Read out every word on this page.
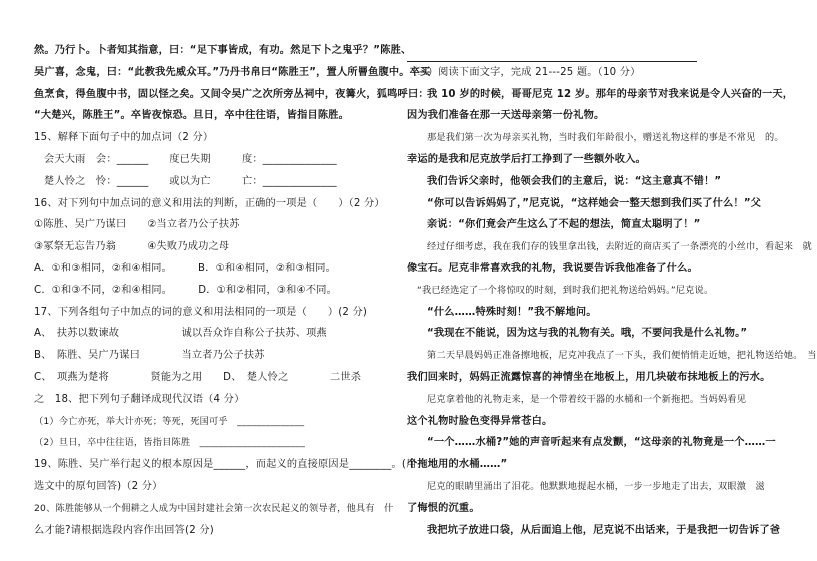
然。乃行卜。卜者知其指意，曰：“足下事皆成，有功。然足下卜之鬼乎？”陈胜、
吴广喜，念鬼，曰：“此教我先威众耳。”乃丹书帛曰“陈胜王”，置人所罾鱼腹中。卒买
鱼烹食，得鱼腹中书，固以怪之矣。又间令吴广之次所旁丛祠中，夜篝火，狐鸣呼曰：
“大楚兴，陈胜王”。卒皆夜惊恐。旦日，卒中往往语，皆指目陈胜。
15、解释下面句子中的加点词（2 分）
会天大雨　会：______　　度已失期　　　度：______________
楚人怜之　怜：______　　或以为亡　　　亡：______________
16、对下列句中加点词的意义和用法的判断，正确的一项是（　　）（2 分）
①陈胜、吴广乃谋曰　　②当立者乃公子扶苏
③冢祭无忘告乃翁　　　④失败乃成功之母
A．①和③相同，②和④相同。　　　B．①和④相同，②和③相同。
C．①和③不同，②和④相同。　　　D．①和②相同，③和④不同。
17、下列各组句子中加点的词的意义和用法相同的一项是（　　）(2 分)
A、　扶苏以数谏故　　　　　　诚以吾众诈自称公子扶苏、项燕
B、　陈胜、吴广乃谋曰　　　　当立者乃公子扶苏
C、　项燕为楚将　　　　贤能为之用　　D、　楚人怜之　　　　二世杀
之　18、把下列句子翻译成现代汉语（4 分）
（1）今亡亦死，举大计亦死；等死，死国可乎　______________
（2）旦日，卒中往往语，皆指目陈胜　______________________
19、陈胜、吴广举行起义的根本原因是______，而起义的直接原因是________。(用
选文中的原句回答)（2 分）
20、陈胜能够从一个佣耕之人成为中国封建社会第一次农民起义的领导者，他具有　什
么才能?请根据选段内容作出回答(2 分)
（三）阅读下面文字，完成 21---25 题。（10 分）
我 10 岁的时候，哥哥尼克 12 岁。那年的母亲节对我来说是令人兴奋的一天，
因为我们准备在那一天送母亲第一份礼物。
那是我们第一次为母亲买礼物，当时我们年龄很小，赠送礼物这样的事是不常见　的。
幸运的是我和尼克放学后打工挣到了一些额外收入。
我们告诉父亲时，他领会我们的主意后，说：“这主意真不错！”
“你可以告诉妈妈了，”尼克说，“这样她会一整天想到我们买了什么！”父
亲说：“你们竟会产生这么了不起的想法，简直太聪明了！”
经过仔细考虑，我在我们存的钱里拿出钱，去附近的商店买了一条漂亮的小丝巾，看起来　就
像宝石。尼克非常喜欢我的礼物，我说要告诉我他准备了什么。
“我已经选定了一个将惊叹的时刻，到时我们把礼物送给妈妈。”尼克说。
“什么……特殊时刻！”我不解地问。
“我现在不能说，因为这与我的礼物有关。哦，不要问我是什么礼物。”
第二天早晨妈妈正准备擦地板，尼克冲我点了一下头，我们便悄悄走近她，把礼物送给她。　当
我们回来时，妈妈正流露惊喜的神情坐在地板上，用几块破布抹地板上的污水。
尼克拿着他的礼物走来，是一个带着绞干器的水桶和一个新拖把。当妈妈看见
这个礼物时脸色变得异常苍白。
“一个……水桶?”她的声音听起来有点发颤，“这母亲的礼物竟是一个……一
个拖地用的水桶……”
尼克的眼睛里涌出了泪花。他默默地提起水桶，一步一步地走了出去，双眼激　滋
了悔恨的沉重。
我把坑子放进口袋，从后面追上他，尼克说不出话来，于是我把一切告诉了爸
